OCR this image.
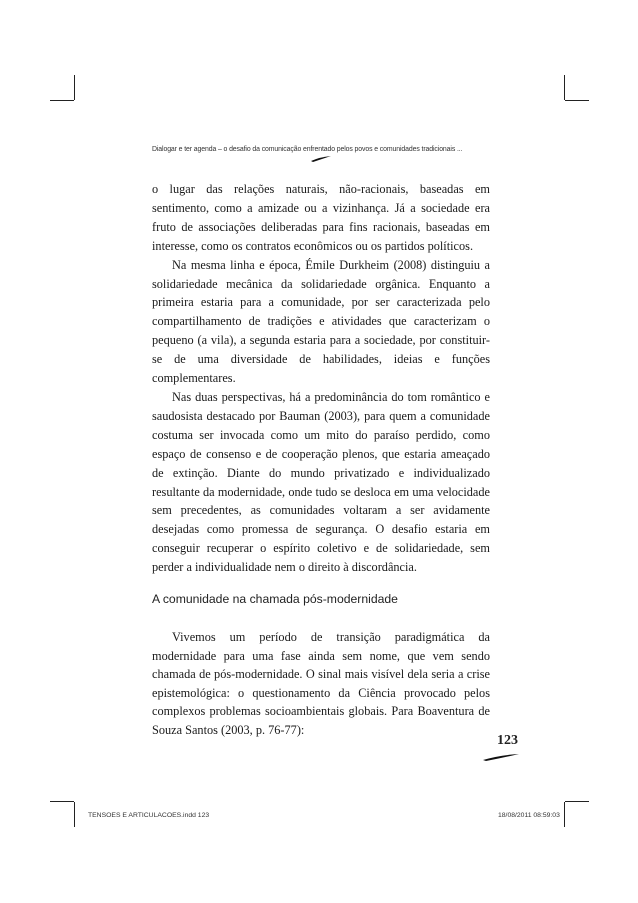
Dialogar e ter agenda – o desafio da comunicação enfrentado pelos povos e comunidades tradicionais ...

o lugar das relações naturais, não-racionais, baseadas em sentimento, como a amizade ou a vizinhança. Já a sociedade era fruto de associações deliberadas para fins racionais, baseadas em interesse, como os contratos econômicos ou os partidos políticos.

Na mesma linha e época, Émile Durkheim (2008) distinguiu a solidariedade mecânica da solidariedade orgânica. Enquanto a primeira estaria para a comunidade, por ser caracterizada pelo compartilhamento de tradições e atividades que caracterizam o pequeno (a vila), a segunda estaria para a sociedade, por constituir-se de uma diversidade de habilidades, ideias e funções complementares.

Nas duas perspectivas, há a predominância do tom romântico e saudosista destacado por Bauman (2003), para quem a comunidade costuma ser invocada como um mito do paraíso perdido, como espaço de consenso e de cooperação plenos, que estaria ameaçado de extinção. Diante do mundo privatizado e individualizado resultante da modernidade, onde tudo se desloca em uma velocidade sem precedentes, as comunidades voltaram a ser avidamente desejadas como promessa de segurança. O desafio estaria em conseguir recuperar o espírito coletivo e de solidariedade, sem perder a individualidade nem o direito à discordância.

A comunidade na chamada pós-modernidade

Vivemos um período de transição paradigmática da modernidade para uma fase ainda sem nome, que vem sendo chamada de pós-modernidade. O sinal mais visível dela seria a crise epistemológica: o questionamento da Ciência provocado pelos complexos problemas socioambientais globais. Para Boaventura de Souza Santos (2003, p. 76-77):

123
TENSOES E ARTICULACOES.indd 123	18/08/2011 08:59:03
